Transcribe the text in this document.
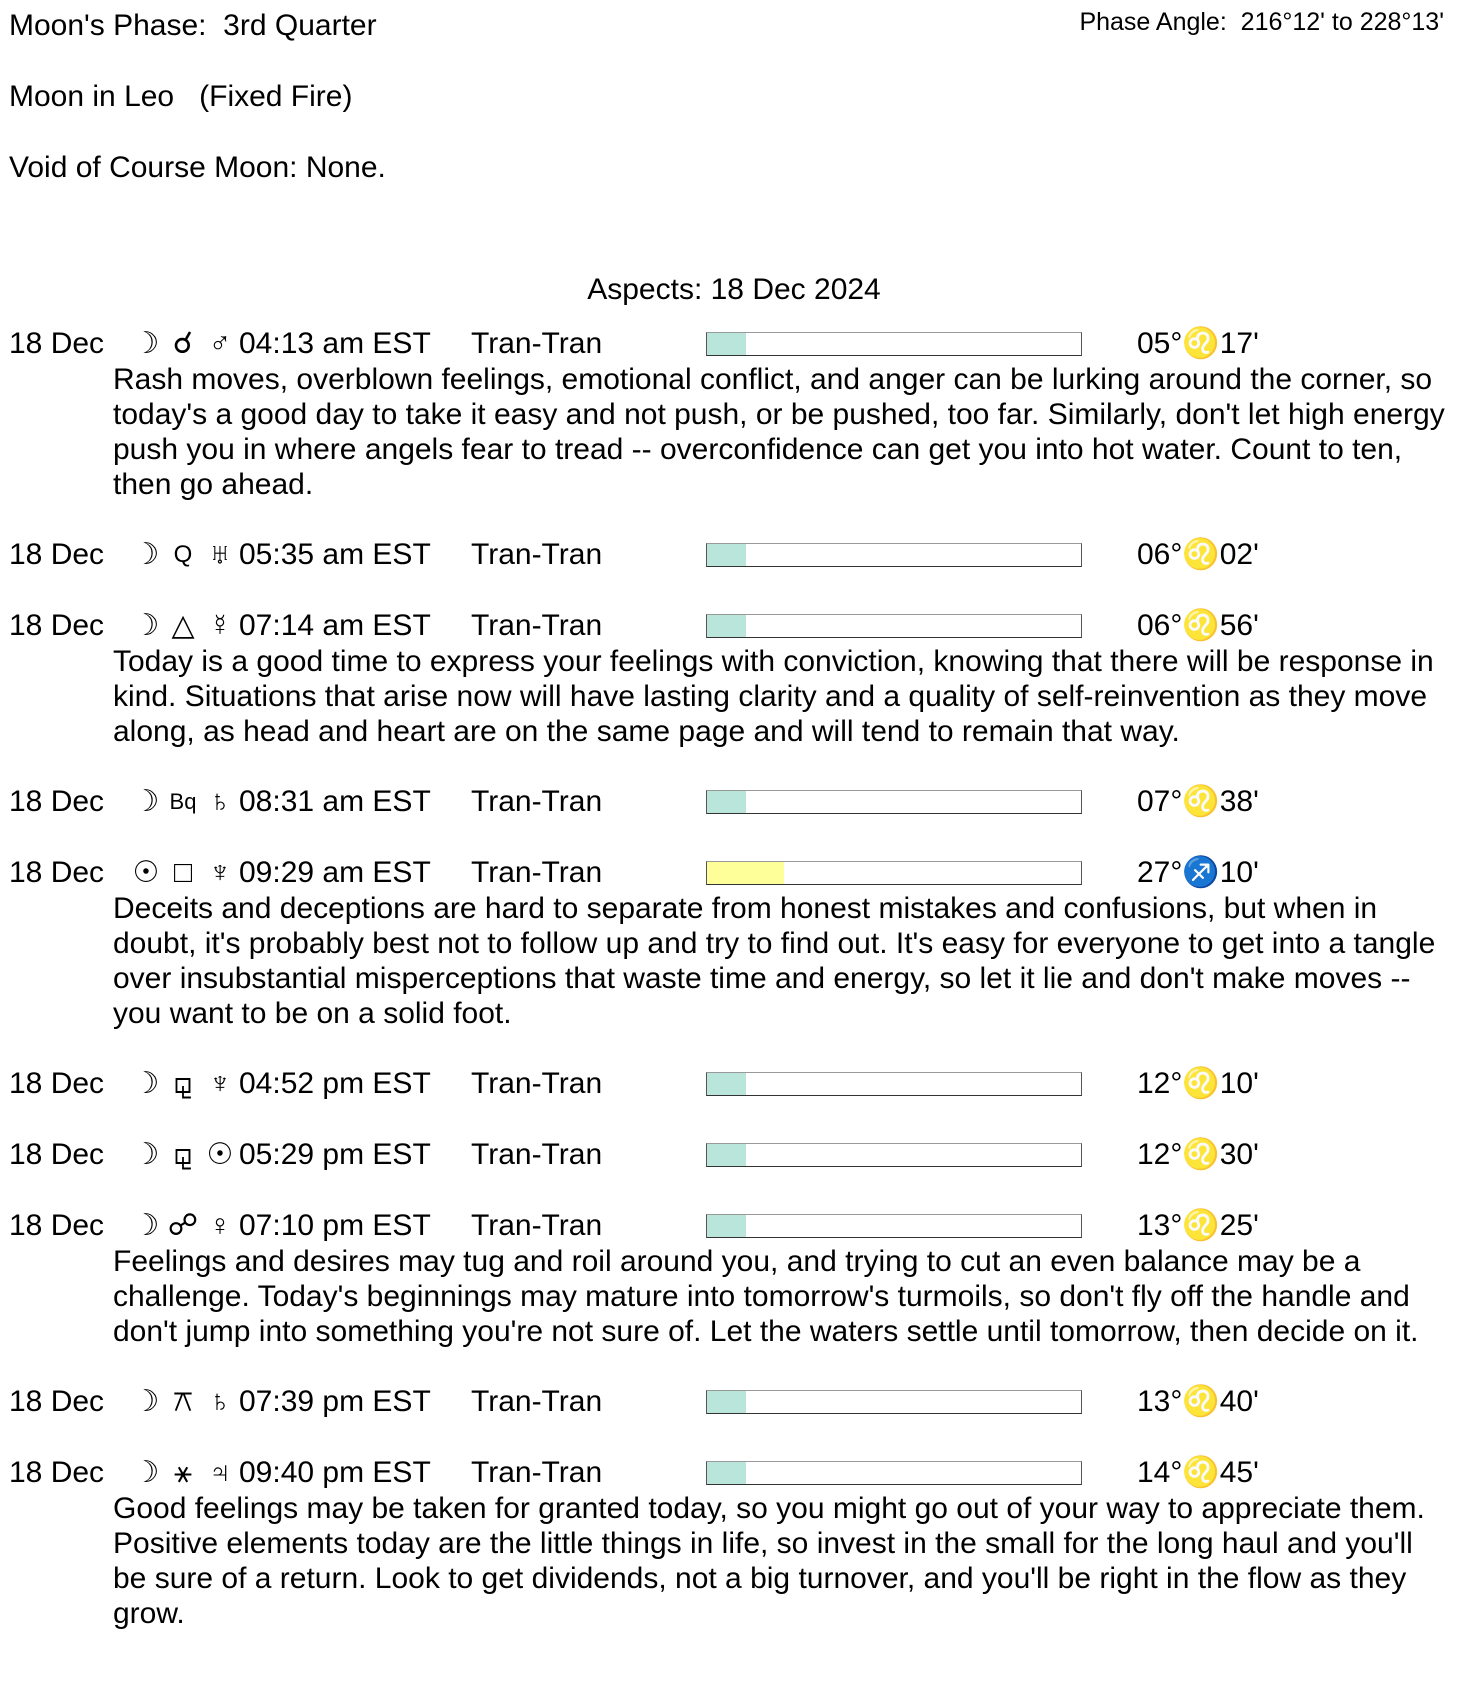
Moon's Phase:  3rd Quarter	Phase Angle:  216°12' to 228°13'
Moon in Leo   (Fixed Fire)
Void of Course Moon: None.
Aspects: 18 Dec 2024
18 Dec ☽ ☌ ♂ 04:13 am EST	Tran-Tran	05°♌17'
Rash moves, overblown feelings, emotional conflict, and anger can be lurking around the corner, so today's a good day to take it easy and not push, or be pushed, too far. Similarly, don't let high energy push you in where angels fear to tread -- overconfidence can get you into hot water. Count to ten, then go ahead.
18 Dec ☽ Q ♅ 05:35 am EST	Tran-Tran	06°♌02'
18 Dec ☽ △ ☿ 07:14 am EST	Tran-Tran	06°♌56'
Today is a good time to express your feelings with conviction, knowing that there will be response in kind. Situations that arise now will have lasting clarity and a quality of self-reinvention as they move along, as head and heart are on the same page and will tend to remain that way.
18 Dec ☽ Bq ♄ 08:31 am EST	Tran-Tran	07°♌38'
18 Dec ☉ □ ♆ 09:29 am EST	Tran-Tran	27°♐10'
Deceits and deceptions are hard to separate from honest mistakes and confusions, but when in doubt, it's probably best not to follow up and try to find out. It's easy for everyone to get into a tangle over insubstantial misperceptions that waste time and energy, so let it lie and don't make moves -- you want to be on a solid foot.
18 Dec ☽ ⚼ ♆ 04:52 pm EST	Tran-Tran	12°♌10'
18 Dec ☽ ⚼ ☉ 05:29 pm EST	Tran-Tran	12°♌30'
18 Dec ☽ ☍ ♀ 07:10 pm EST	Tran-Tran	13°♌25'
Feelings and desires may tug and roil around you, and trying to cut an even balance may be a challenge. Today's beginnings may mature into tomorrow's turmoils, so don't fly off the handle and don't jump into something you're not sure of. Let the waters settle until tomorrow, then decide on it.
18 Dec ☽ ⚻ ♄ 07:39 pm EST	Tran-Tran	13°♌40'
18 Dec ☽ ⚹ ♃ 09:40 pm EST	Tran-Tran	14°♌45'
Good feelings may be taken for granted today, so you might go out of your way to appreciate them. Positive elements today are the little things in life, so invest in the small for the long haul and you'll be sure of a return. Look to get dividends, not a big turnover, and you'll be right in the flow as they grow.
